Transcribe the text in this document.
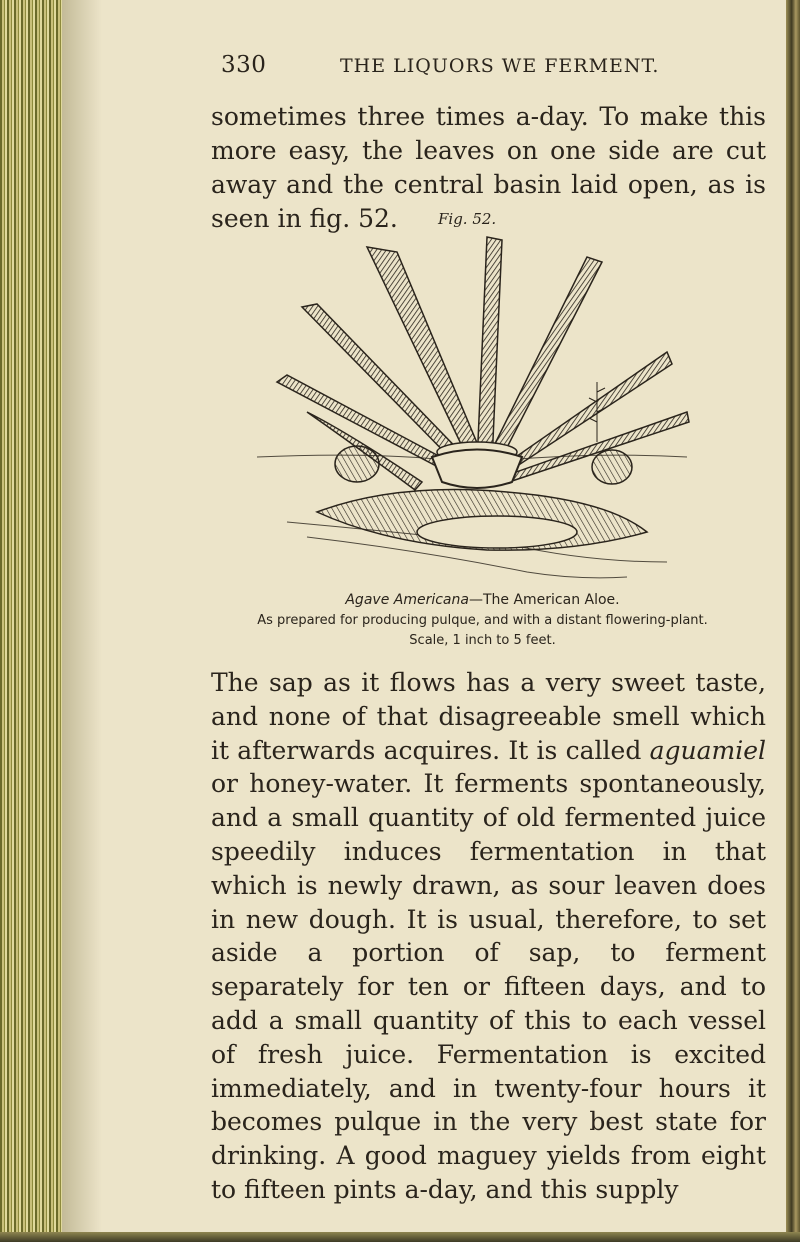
330	THE LIQUORS WE FERMENT.

sometimes three times a-day. To make this more easy, the leaves on one side are cut away and the central basin laid open, as is seen in fig. 52.	Fig. 52.

Agave Americana—The American Aloe.

As prepared for producing pulque, and with a distant flowering-plant.

Scale, 1 inch to 5 feet.

The sap as it flows has a very sweet taste, and none of that disagreeable smell which it afterwards acquires. It is called aguamiel or honey-water. It ferments spontaneously, and a small quantity of old fermented juice speedily induces fermentation in that which is newly drawn, as sour leaven does in new dough. It is usual, therefore, to set aside a portion of sap, to ferment separately for ten or fifteen days, and to add a small quantity of this to each vessel of fresh juice. Fermentation is excited immediately, and in twenty-four hours it becomes pulque in the very best state for drinking. A good maguey yields from eight to fifteen pints a-day, and this supply
